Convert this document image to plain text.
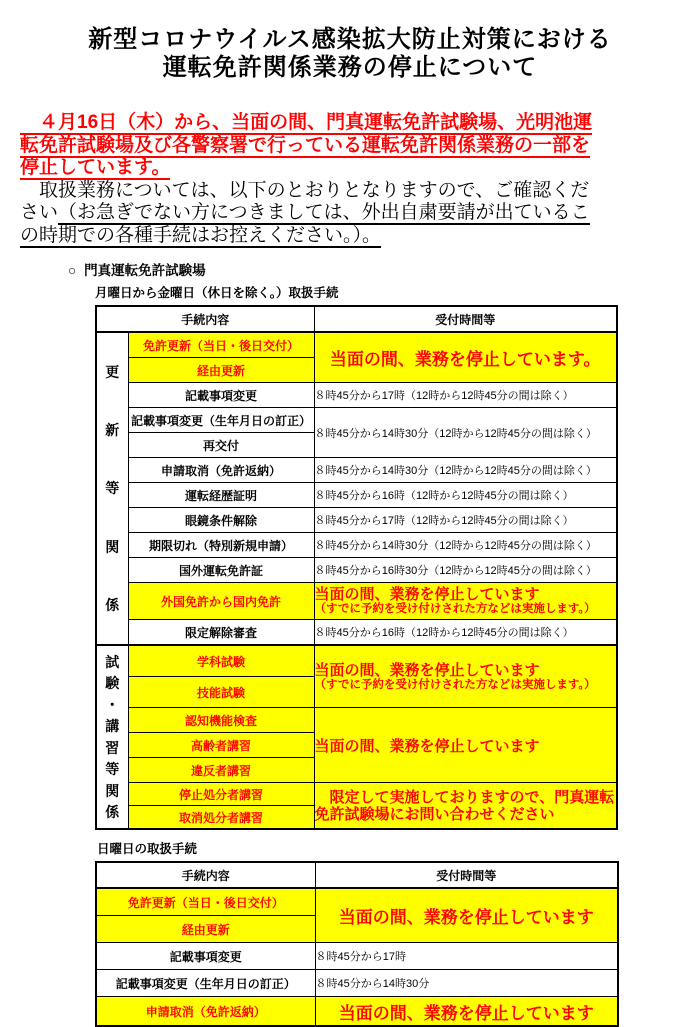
新型コロナウイルス感染拡大防止対策における
運転免許関係業務の停止について
　４月16日（木）から、当面の間、門真運転免許試験場、光明池運
転免許試験場及び各警察署で行っている運転免許関係業務の一部を
停止しています。
　取扱業務については、以下のとおりとなりますので、ご確認くだ
さい（お急ぎでない方につきましては、外出自粛要請が出ているこ
の時期での各種手続はお控えください。）。
○ 門真運転免許試験場
月曜日から金曜日（休日を除く。）取扱手続
手続内容		受付時間等

更
新
等
関
係	免許更新（当日・後日交付）	当面の間、業務を停止しています。
	経由更新	
	記載事項変更	８時45分から17時（12時から12時45分の間は除く）
	記載事項変更（生年月日の訂正）	８時45分から14時30分（12時から12時45分の間は除く）
	再交付	
	申請取消（免許返納）	８時45分から14時30分（12時から12時45分の間は除く）
	運転経歴証明	８時45分から16時（12時から12時45分の間は除く）
	眼鏡条件解除	８時45分から17時（12時から12時45分の間は除く）
	期限切れ（特別新規申請）	８時45分から14時30分（12時から12時45分の間は除く）
	国外運転免許証	８時45分から16時30分（12時から12時45分の間は除く）
	外国免許から国内免許	当面の間、業務を停止しています
（すでに予約を受け付けされた方などは実施します。）

	限定解除審査	８時45分から16時（12時から12時45分の間は除く）

試
験
・
講
習
等
関
係
	学科試験	当面の間、業務を停止しています
（すでに予約を受け付けされた方などは実施します。）

	技能試験	
	認知機能検査	当面の間、業務を停止しています
	高齢者講習	
	違反者講習	
	停止処分者講習	限定して実施しておりますので、門真運転免許試験場にお問い合わせください
	取消処分者講習	
日曜日の取扱手続
手続内容	受付時間等
免許更新（当日・後日交付）	当面の間、業務を停止しています
経由更新	
記載事項変更	８時45分から17時
記載事項変更（生年月日の訂正）	８時45分から14時30分
申請取消（免許返納）	当面の間、業務を停止しています
